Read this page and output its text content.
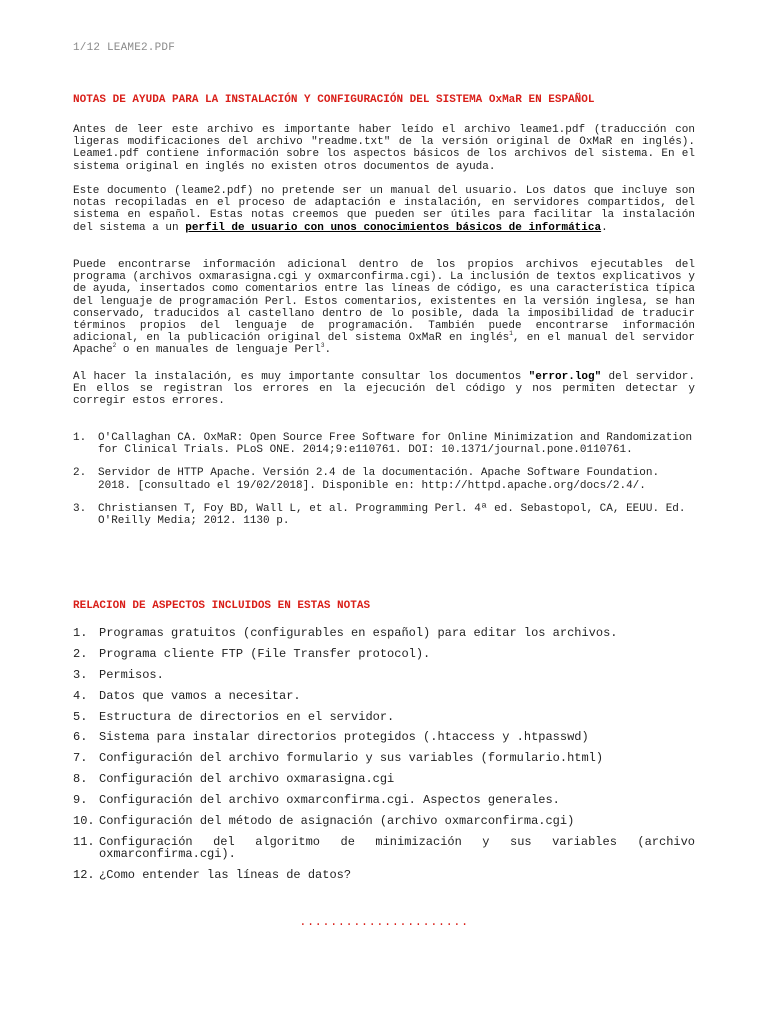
1/12 LEAME2.PDF
NOTAS DE AYUDA PARA LA INSTALACIÓN Y CONFIGURACIÓN DEL SISTEMA OxMaR EN ESPAÑOL

Antes de leer este archivo es importante haber leído el archivo leame1.pdf (traducción con ligeras modificaciones del archivo "readme.txt" de la versión original de OxMaR en inglés). Leame1.pdf contiene información sobre los aspectos básicos de los archivos del sistema. En el sistema original en inglés no existen otros documentos de ayuda.

Este documento (leame2.pdf) no pretende ser un manual del usuario. Los datos que incluye son notas recopiladas en el proceso de adaptación e instalación, en servidores compartidos, del sistema en español. Estas notas creemos que pueden ser útiles para facilitar la instalación del sistema a un perfil de usuario con unos conocimientos básicos de informática.

Puede encontrarse información adicional dentro de los propios archivos ejecutables del programa (archivos oxmarasigna.cgi y oxmarconfirma.cgi). La inclusión de textos explicativos y de ayuda, insertados como comentarios entre las líneas de código, es una característica típica del lenguaje de programación Perl. Estos comentarios, existentes en la versión inglesa, se han conservado, traducidos al castellano dentro de lo posible, dada la imposibilidad de traducir términos propios del lenguaje de programación. También puede encontrarse información adicional, en la publicación original del sistema OxMaR en inglés$^1$, en el manual del servidor Apache$^2$ o en manuales de lenguaje Perl$^3$.

Al hacer la instalación, es muy importante consultar los documentos "error.log" del servidor. En ellos se registran los errores en la ejecución del código y nos permiten detectar y corregir estos errores.

1.	O'Callaghan CA. OxMaR: Open Source Free Software for Online Minimization and Randomization for Clinical Trials. PLoS ONE. 2014;9:e110761. DOI: 10.1371/journal.pone.0110761.
2.	Servidor de HTTP Apache. Versión 2.4 de la documentación. Apache Software Foundation. 2018. [consultado el 19/02/2018]. Disponible en: http://httpd.apache.org/docs/2.4/.
3.	Christiansen T, Foy BD, Wall L, et al. Programming Perl. 4ª ed. Sebastopol, CA, EEUU. Ed. O'Reilly Media; 2012. 1130 p.
RELACION DE ASPECTOS INCLUIDOS EN ESTAS NOTAS
1. Programas gratuitos (configurables en español) para editar los archivos.
2. Programa cliente FTP (File Transfer protocol).
3. Permisos.
4. Datos que vamos a necesitar.
5. Estructura de directorios en el servidor.
6. Sistema para instalar directorios protegidos (.htaccess y .htpasswd)
7. Configuración del archivo formulario y sus variables (formulario.html)
8. Configuración del archivo oxmarasigna.cgi
9. Configuración del archivo oxmarconfirma.cgi. Aspectos generales.
10. Configuración del método de asignación (archivo oxmarconfirma.cgi)
11. Configuración del algoritmo de minimización y sus variables (archivo oxmarconfirma.cgi).
12. ¿Como entender las líneas de datos?
......................
